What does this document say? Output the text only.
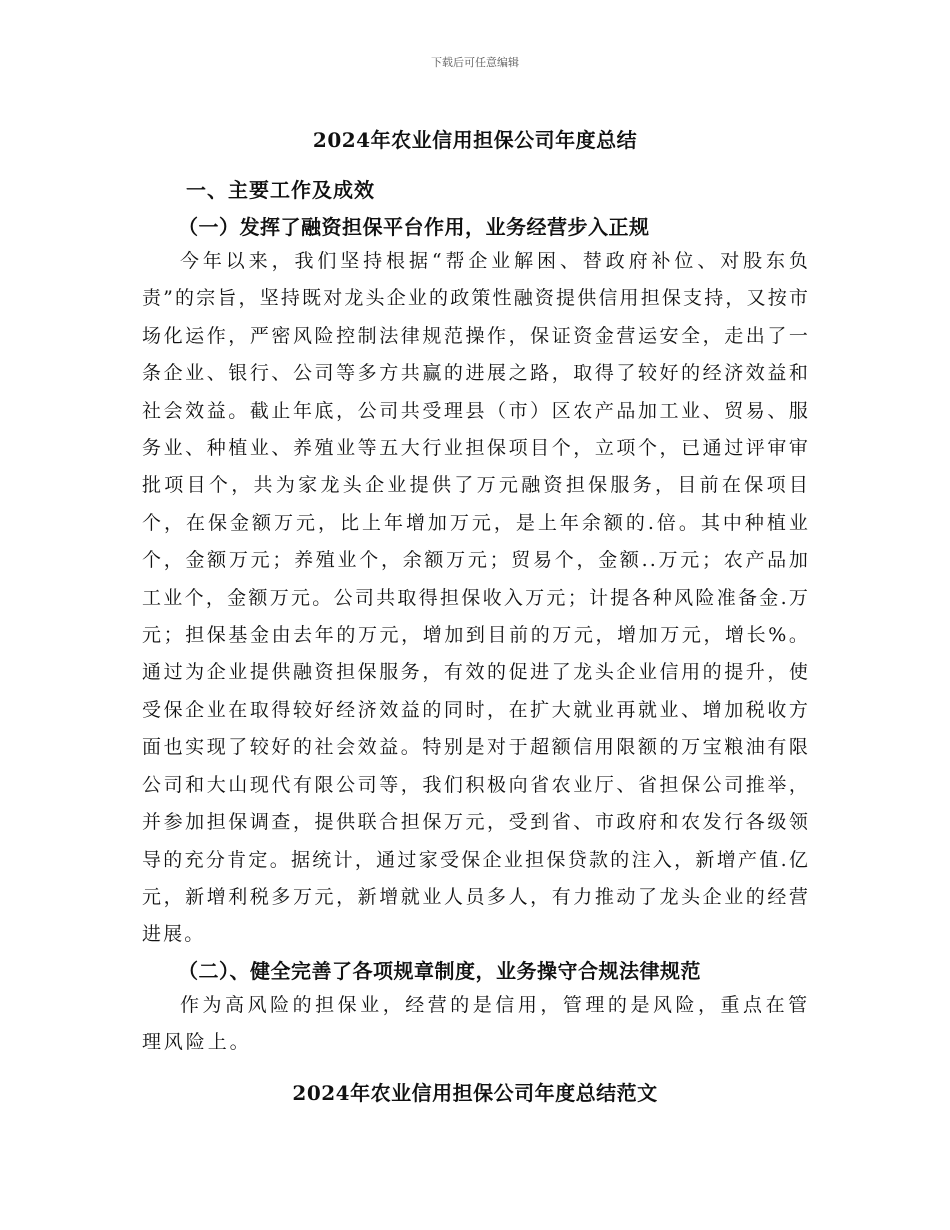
下载后可任意编辑
2024年农业信用担保公司年度总结
一、主要工作及成效
（一）发挥了融资担保平台作用，业务经营步入正规

今年以来，我们坚持根据“帮企业解困、替政府补位、对股东负责”的宗旨，坚持既对龙头企业的政策性融资提供信用担保支持，又按市场化运作，严密风险控制法律规范操作，保证资金营运安全，走出了一条企业、银行、公司等多方共赢的进展之路，取得了较好的经济效益和社会效益。截止年底，公司共受理县（市）区农产品加工业、贸易、服务业、种植业、养殖业等五大行业担保项目个，立项个，已通过评审审批项目个，共为家龙头企业提供了万元融资担保服务，目前在保项目个，在保金额万元，比上年增加万元，是上年余额的.倍。其中种植业个，金额万元；养殖业个，余额万元；贸易个，金额..万元；农产品加工业个，金额万元。公司共取得担保收入万元；计提各种风险准备金.万元；担保基金由去年的万元，增加到目前的万元，增加万元，增长%。通过为企业提供融资担保服务，有效的促进了龙头企业信用的提升，使受保企业在取得较好经济效益的同时，在扩大就业再就业、增加税收方面也实现了较好的社会效益。特别是对于超额信用限额的万宝粮油有限公司和大山现代有限公司等，我们积极向省农业厅、省担保公司推举，并参加担保调查，提供联合担保万元，受到省、市政府和农发行各级领导的充分肯定。据统计，通过家受保企业担保贷款的注入，新增产值.亿元，新增利税多万元，新增就业人员多人，有力推动了龙头企业的经营进展。

（二）、健全完善了各项规章制度，业务操守合规法律规范

作为高风险的担保业，经营的是信用，管理的是风险，重点在管理风险上。

2024年农业信用担保公司年度总结范文
